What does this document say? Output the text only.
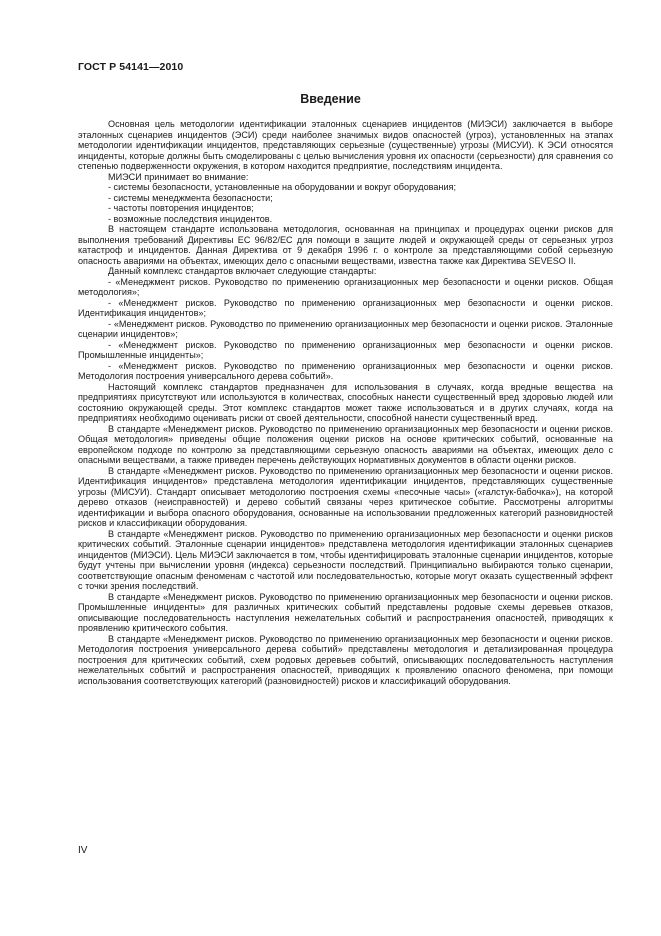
ГОСТ Р 54141—2010
Введение

Основная цель методологии идентификации эталонных сценариев инцидентов (МИЭСИ) заключается в выборе эталонных сценариев инцидентов (ЭСИ) среди наиболее значимых видов опасностей (угроз), установленных на этапах методологии идентификации инцидентов, представляющих серьезные (существенные) угрозы (МИСУИ). К ЭСИ относятся инциденты, которые должны быть смоделированы с целью вычисления уровня их опасности (серьезности) для сравнения со степенью подверженности окружения, в котором находится предприятие, последствиям инцидента.

МИЭСИ принимает во внимание:

- системы безопасности, установленные на оборудовании и вокруг оборудования;

- системы менеджмента безопасности;

- частоты повторения инцидентов;

- возможные последствия инцидентов.

В настоящем стандарте использована методология, основанная на принципах и процедурах оценки рисков для выполнения требований Директивы ЕС 96/82/ЕС для помощи в защите людей и окружающей среды от серьезных угроз катастроф и инцидентов. Данная Директива от 9 декабря 1996 г. о контроле за представляющими собой серьезную опасность авариями на объектах, имеющих дело с опасными веществами, известна также как Директива SEVESO II.

Данный комплекс стандартов включает следующие стандарты:

- «Менеджмент рисков. Руководство по применению организационных мер безопасности и оценки рисков. Общая методология»;

- «Менеджмент рисков. Руководство по применению организационных мер безопасности и оценки рисков. Идентификация инцидентов»;

- «Менеджмент рисков. Руководство по применению организационных мер безопасности и оценки рисков. Эталонные сценарии инцидентов»;

- «Менеджмент рисков. Руководство по применению организационных мер безопасности и оценки рисков. Промышленные инциденты»;

- «Менеджмент рисков. Руководство по применению организационных мер безопасности и оценки рисков. Методология построения универсального дерева событий».

Настоящий комплекс стандартов предназначен для использования в случаях, когда вредные вещества на предприятиях присутствуют или используются в количествах, способных нанести существенный вред здоровью людей или состоянию окружающей среды. Этот комплекс стандартов может также использоваться и в других случаях, когда на предприятиях необходимо оценивать риски от своей деятельности, способной нанести существенный вред.

В стандарте «Менеджмент рисков. Руководство по применению организационных мер безопасности и оценки рисков. Общая методология» приведены общие положения оценки рисков на основе критических событий, основанные на европейском подходе по контролю за представляющими серьезную опасность авариями на объектах, имеющих дело с опасными веществами, а также приведен перечень действующих нормативных документов в области оценки рисков.

В стандарте «Менеджмент рисков. Руководство по применению организационных мер безопасности и оценки рисков. Идентификация инцидентов» представлена методология идентификации инцидентов, представляющих существенные угрозы (МИСУИ). Стандарт описывает методологию построения схемы «песочные часы» («галстук-бабочка»), на которой дерево отказов (неисправностей) и дерево событий связаны через критическое событие. Рассмотрены алгоритмы идентификации и выбора опасного оборудования, основанные на использовании предложенных категорий разновидностей рисков и классификации оборудования.

В стандарте «Менеджмент рисков. Руководство по применению организационных мер безопасности и оценки рисков критических событий. Эталонные сценарии инцидентов» представлена методология идентификации эталонных сценариев инцидентов (МИЭСИ). Цель МИЭСИ заключается в том, чтобы идентифицировать эталонные сценарии инцидентов, которые будут учтены при вычислении уровня (индекса) серьезности последствий. Принципиально выбираются только сценарии, соответствующие опасным феноменам с частотой или последовательностью, которые могут оказать существенный эффект с точки зрения последствий.

В стандарте «Менеджмент рисков. Руководство по применению организационных мер безопасности и оценки рисков. Промышленные инциденты» для различных критических событий представлены родовые схемы деревьев отказов, описывающие последовательность наступления нежелательных событий и распространения опасностей, приводящих к проявлению критического события.

В стандарте «Менеджмент рисков. Руководство по применению организационных мер безопасности и оценки рисков. Методология построения универсального дерева событий» представлены методология и детализированная процедура построения для критических событий, схем родовых деревьев событий, описывающих последовательность наступления нежелательных событий и распространения опасностей, приводящих к проявлению опасного феномена, при помощи использования соответствующих категорий (разновидностей) рисков и классификаций оборудования.

IV
